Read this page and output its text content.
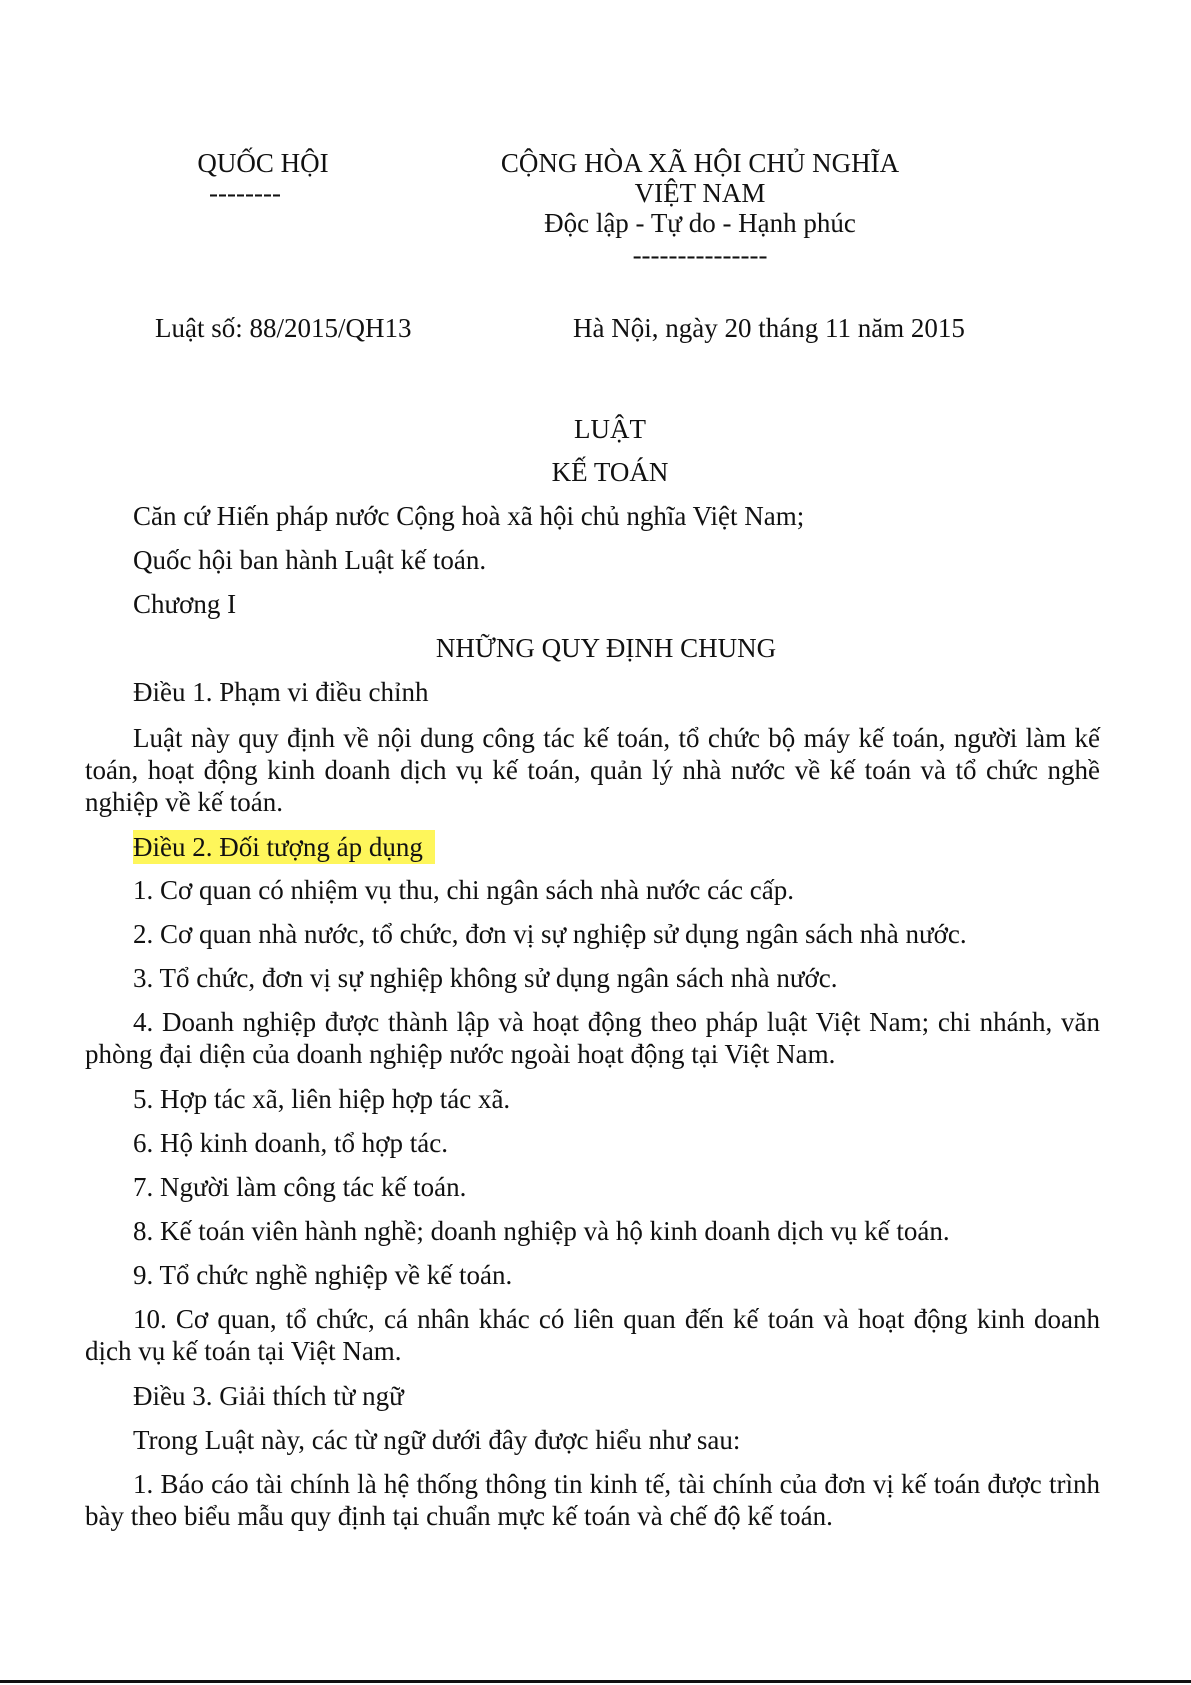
QUỐC HỘI
--------
CỘNG HÒA XÃ HỘI CHỦ NGHĨA
VIỆT NAM
Độc lập - Tự do - Hạnh phúc
---------------
Luật số: 88/2015/QH13	Hà Nội, ngày 20 tháng 11 năm 2015
LUẬT
KẾ TOÁN
Căn cứ Hiến pháp nước Cộng hoà xã hội chủ nghĩa Việt Nam;
Quốc hội ban hành Luật kế toán.
Chương I
NHỮNG QUY ĐỊNH CHUNG
Điều 1. Phạm vi điều chỉnh
Luật này quy định về nội dung công tác kế toán, tổ chức bộ máy kế toán, người làm kế toán, hoạt động kinh doanh dịch vụ kế toán, quản lý nhà nước về kế toán và tổ chức nghề nghiệp về kế toán.
Điều 2. Đối tượng áp dụng
1. Cơ quan có nhiệm vụ thu, chi ngân sách nhà nước các cấp.
2. Cơ quan nhà nước, tổ chức, đơn vị sự nghiệp sử dụng ngân sách nhà nước.
3. Tổ chức, đơn vị sự nghiệp không sử dụng ngân sách nhà nước.
4. Doanh nghiệp được thành lập và hoạt động theo pháp luật Việt Nam; chi nhánh, văn phòng đại diện của doanh nghiệp nước ngoài hoạt động tại Việt Nam.
5. Hợp tác xã, liên hiệp hợp tác xã.
6. Hộ kinh doanh, tổ hợp tác.
7. Người làm công tác kế toán.
8. Kế toán viên hành nghề; doanh nghiệp và hộ kinh doanh dịch vụ kế toán.
9. Tổ chức nghề nghiệp về kế toán.
10. Cơ quan, tổ chức, cá nhân khác có liên quan đến kế toán và hoạt động kinh doanh dịch vụ kế toán tại Việt Nam.
Điều 3. Giải thích từ ngữ
Trong Luật này, các từ ngữ dưới đây được hiểu như sau:
1. Báo cáo tài chính là hệ thống thông tin kinh tế, tài chính của đơn vị kế toán được trình bày theo biểu mẫu quy định tại chuẩn mực kế toán và chế độ kế toán.
